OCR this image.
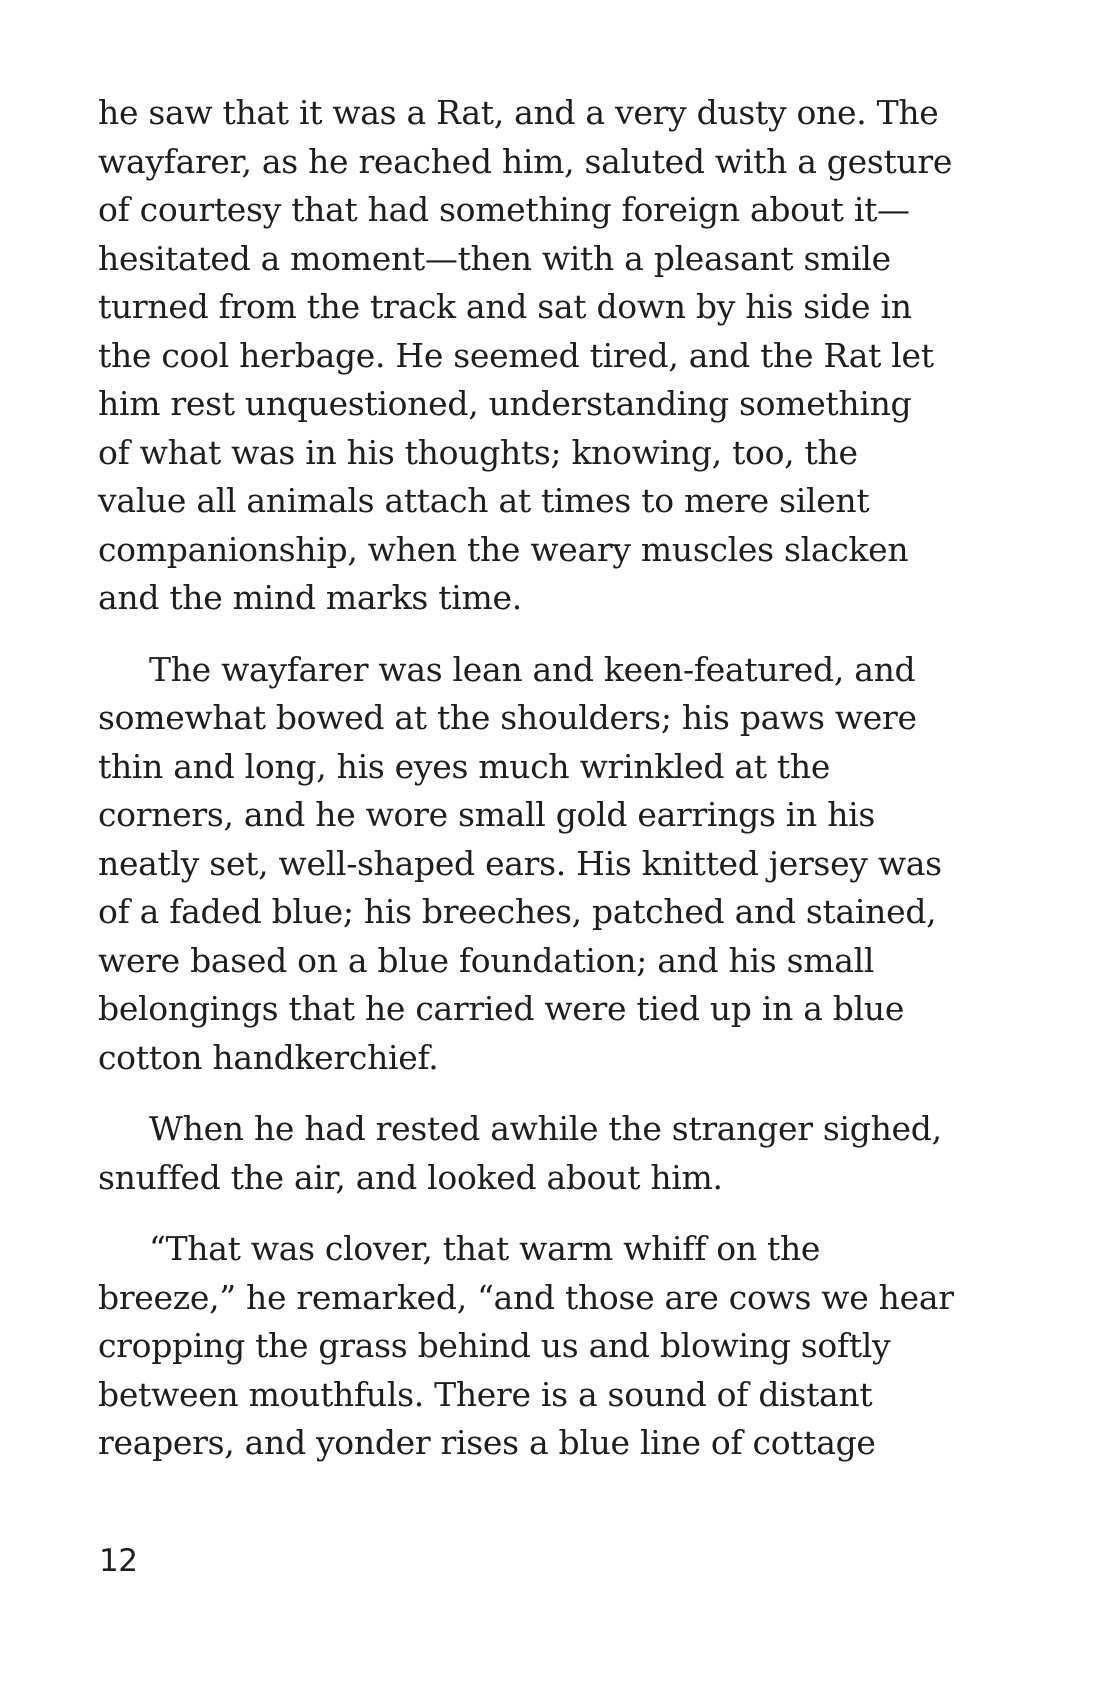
he saw that it was a Rat, and a very dusty one. The
wayfarer, as he reached him, saluted with a gesture
of courtesy that had something foreign about it—
hesitated a moment—then with a pleasant smile
turned from the track and sat down by his side in
the cool herbage. He seemed tired, and the Rat let
him rest unquestioned, understanding something
of what was in his thoughts; knowing, too, the
value all animals attach at times to mere silent
companionship, when the weary muscles slacken
and the mind marks time.

The wayfarer was lean and keen-featured, and
somewhat bowed at the shoulders; his paws were
thin and long, his eyes much wrinkled at the
corners, and he wore small gold earrings in his
neatly set, well-shaped ears. His knitted jersey was
of a faded blue; his breeches, patched and stained,
were based on a blue foundation; and his small
belongings that he carried were tied up in a blue
cotton handkerchief.

When he had rested awhile the stranger sighed,
snuffed the air, and looked about him.

“That was clover, that warm whiff on the
breeze,” he remarked, “and those are cows we hear
cropping the grass behind us and blowing softly
between mouthfuls. There is a sound of distant
reapers, and yonder rises a blue line of cottage

12
